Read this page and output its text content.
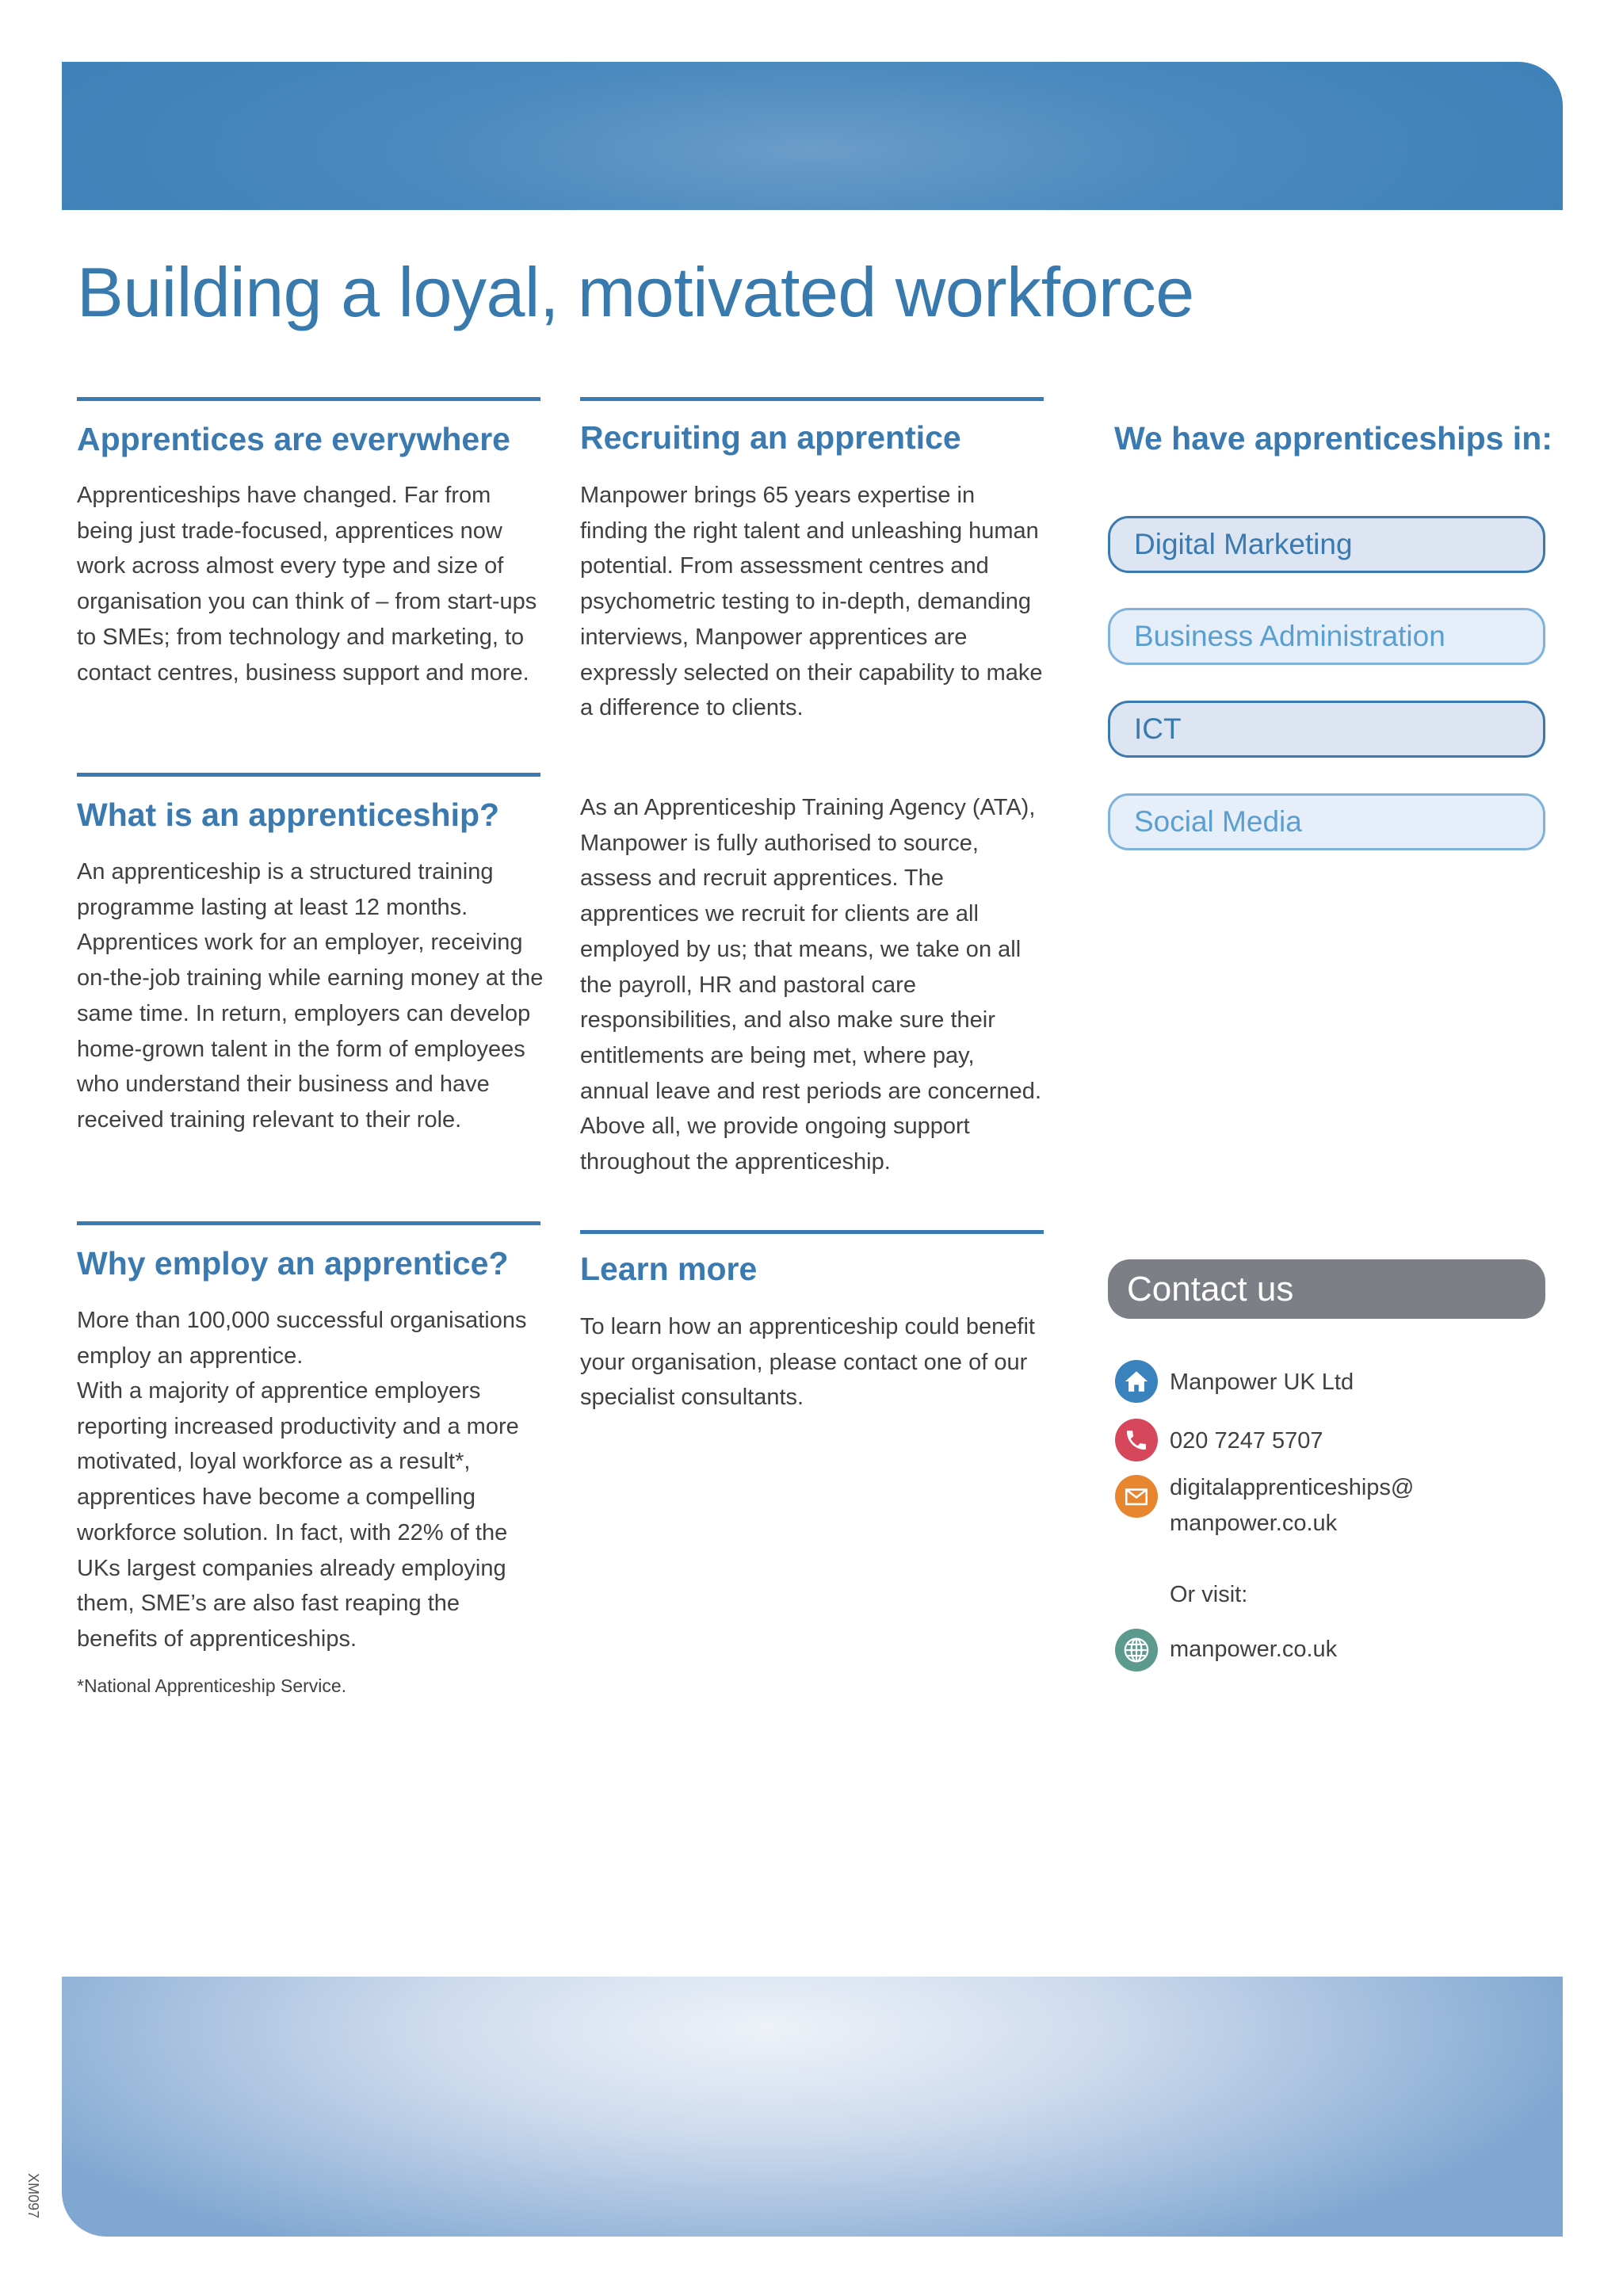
Building a loyal, motivated workforce
Apprentices are everywhere

Apprenticeships have changed. Far from being just trade-focused, apprentices now work across almost every type and size of organisation you can think of – from start-ups to SMEs; from technology and marketing, to contact centres, business support and more.

What is an apprenticeship?

An apprenticeship is a structured training programme lasting at least 12 months. Apprentices work for an employer, receiving on-the-job training while earning money at the same time. In return, employers can develop home-grown talent in the form of employees who understand their business and have received training relevant to their role.

Why employ an apprentice?

More than 100,000 successful organisations employ an apprentice.

With a majority of apprentice employers reporting increased productivity and a more motivated, loyal workforce as a result*, apprentices have become a compelling workforce solution. In fact, with 22% of the UKs largest companies already employing them, SME’s are also fast reaping the benefits of apprenticeships.

*National Apprenticeship Service.

Recruiting an apprentice

Manpower brings 65 years expertise in finding the right talent and unleashing human potential. From assessment centres and psychometric testing to in-depth, demanding interviews, Manpower apprentices are expressly selected on their capability to make a difference to clients.

As an Apprenticeship Training Agency (ATA), Manpower is fully authorised to source, assess and recruit apprentices. The apprentices we recruit for clients are all employed by us; that means, we take on all the payroll, HR and pastoral care responsibilities, and also make sure their entitlements are being met, where pay, annual leave and rest periods are concerned. Above all, we provide ongoing support throughout the apprenticeship.

Learn more

To learn how an apprenticeship could benefit your organisation, please contact one of our specialist consultants.

We have apprenticeships in:
Digital Marketing
Business Administration
ICT
Social Media
Contact us

Manpower UK Ltd

020 7247 5707

digitalapprenticeships@

manpower.co.uk

Or visit:

manpower.co.uk

XM097
